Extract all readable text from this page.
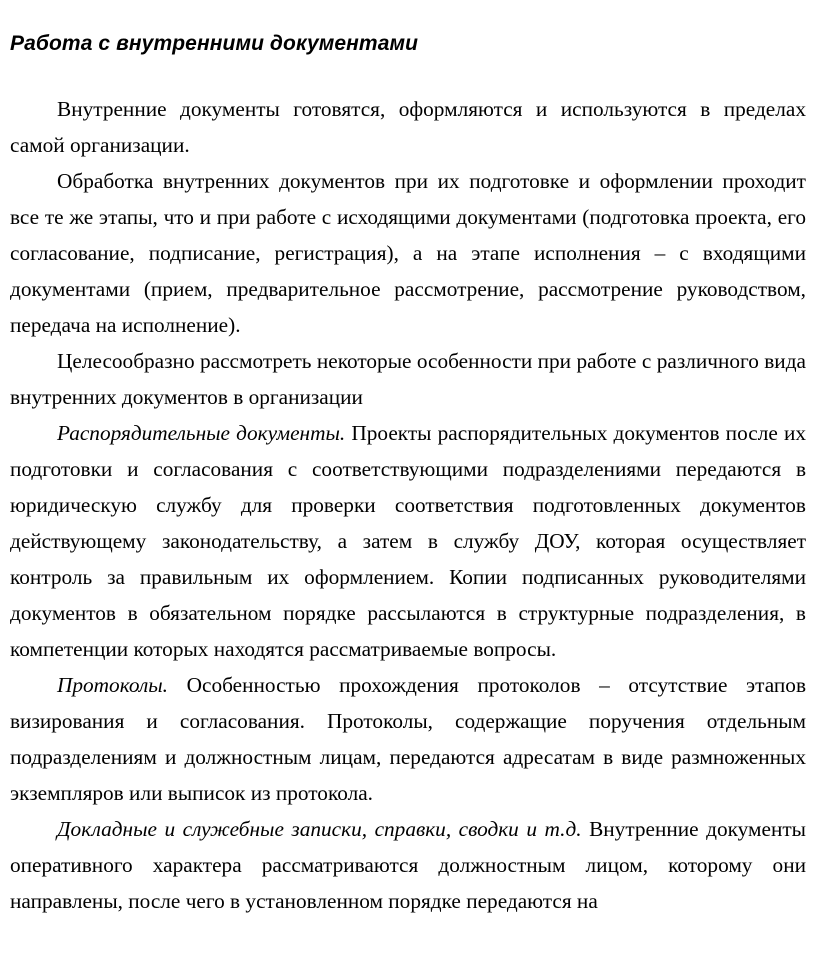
Работа с внутренними документами

Внутренние документы готовятся, оформляются и используются в пределах самой организации.

Обработка внутренних документов при их подготовке и оформлении проходит все те же этапы, что и при работе с исходящими документами (подготовка проекта, его согласование, подписание, регистрация), а на этапе исполнения – с входящими документами (прием, предварительное рассмотрение, рассмотрение руководством, передача на исполнение).

Целесообразно рассмотреть некоторые особенности при работе с различного вида внутренних документов в организации

Распорядительные документы. Проекты распорядительных документов после их подготовки и согласования с соответствующими подразделениями передаются в юридическую службу для проверки соответствия подготовленных документов действующему законодательству, а затем в службу ДОУ, которая осуществляет контроль за правильным их оформлением. Копии подписанных руководителями документов в обязательном порядке рассылаются в структурные подразделения, в компетенции которых находятся рассматриваемые вопросы.

Протоколы. Особенностью прохождения протоколов – отсутствие этапов визирования и согласования. Протоколы, содержащие поручения отдельным подразделениям и должностным лицам, передаются адресатам в виде размноженных экземпляров или выписок из протокола.

Докладные и служебные записки, справки, сводки и т.д. Внутренние документы оперативного характера рассматриваются должностным лицом, которому они направлены, после чего в установленном порядке передаются на
